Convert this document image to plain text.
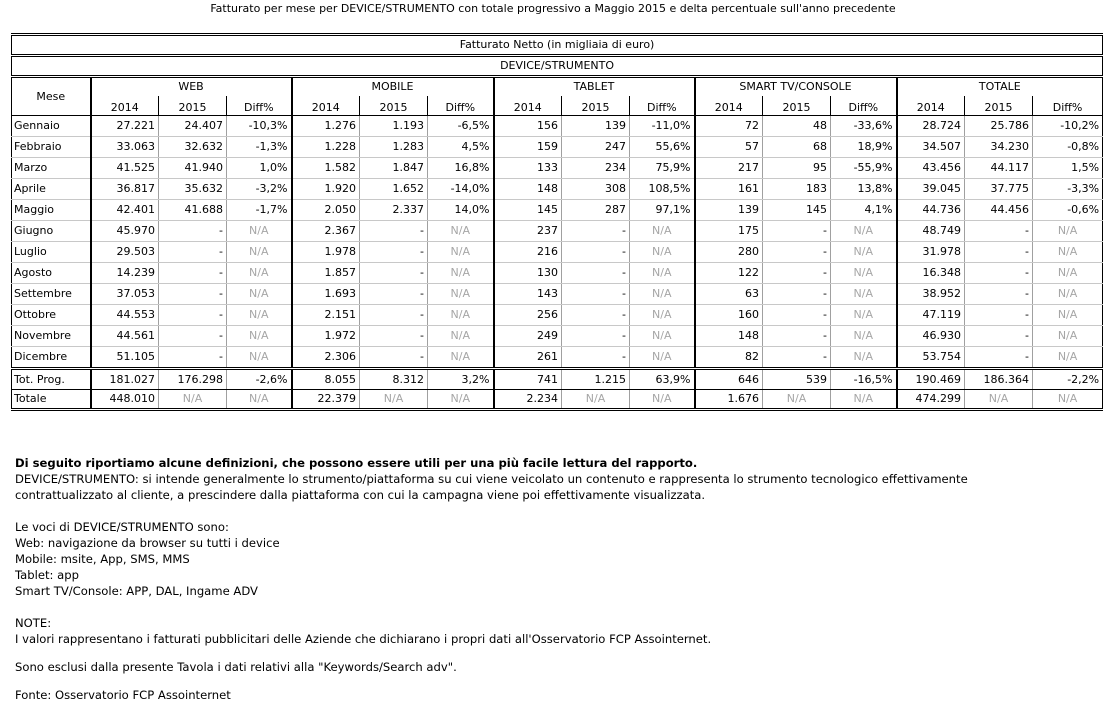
Fatturato per mese per DEVICE/STRUMENTO con totale progressivo a Maggio 2015 e delta percentuale sull'anno precedente
Fatturato Netto (in migliaia di euro)															
DEVICE/STRUMENTO															
Mese	WEB			MOBILE			TABLET			SMART TV/CONSOLE			TOTALE		
	2014	2015	Diff%	2014	2015	Diff%	2014	2015	Diff%	2014	2015	Diff%	2014	2015	Diff%
Gennaio	27.221	24.407	-10,3%	1.276	1.193	-6,5%	156	139	-11,0%	72	48	-33,6%	28.724	25.786	-10,2%
Febbraio	33.063	32.632	-1,3%	1.228	1.283	4,5%	159	247	55,6%	57	68	18,9%	34.507	34.230	-0,8%
Marzo	41.525	41.940	1,0%	1.582	1.847	16,8%	133	234	75,9%	217	95	-55,9%	43.456	44.117	1,5%
Aprile	36.817	35.632	-3,2%	1.920	1.652	-14,0%	148	308	108,5%	161	183	13,8%	39.045	37.775	-3,3%
Maggio	42.401	41.688	-1,7%	2.050	2.337	14,0%	145	287	97,1%	139	145	4,1%	44.736	44.456	-0,6%
Giugno	45.970	-	N/A	2.367	-	N/A	237	-	N/A	175	-	N/A	48.749	-	N/A
Luglio	29.503	-	N/A	1.978	-	N/A	216	-	N/A	280	-	N/A	31.978	-	N/A
Agosto	14.239	-	N/A	1.857	-	N/A	130	-	N/A	122	-	N/A	16.348	-	N/A
Settembre	37.053	-	N/A	1.693	-	N/A	143	-	N/A	63	-	N/A	38.952	-	N/A
Ottobre	44.553	-	N/A	2.151	-	N/A	256	-	N/A	160	-	N/A	47.119	-	N/A
Novembre	44.561	-	N/A	1.972	-	N/A	249	-	N/A	148	-	N/A	46.930	-	N/A
Dicembre	51.105	-	N/A	2.306	-	N/A	261	-	N/A	82	-	N/A	53.754	-	N/A
Tot. Prog.	181.027	176.298	-2,6%	8.055	8.312	3,2%	741	1.215	63,9%	646	539	-16,5%	190.469	186.364	-2,2%
Totale	448.010	N/A	N/A	22.379	N/A	N/A	2.234	N/A	N/A	1.676	N/A	N/A	474.299	N/A	N/A

Di seguito riportiamo alcune definizioni, che possono essere utili per una più facile lettura del rapporto.

DEVICE/STRUMENTO: si intende generalmente lo strumento/piattaforma su cui viene veicolato un contenuto e rappresenta lo strumento tecnologico effettivamente

contrattualizzato al cliente, a prescindere dalla piattaforma con cui la campagna viene poi effettivamente visualizzata.

Le voci di DEVICE/STRUMENTO sono:

Web: navigazione da browser su tutti i device

Mobile: msite, App, SMS, MMS

Tablet: app

Smart TV/Console: APP, DAL, Ingame ADV

NOTE:

I valori rappresentano i fatturati pubblicitari delle Aziende che dichiarano i propri dati all'Osservatorio FCP Assointernet.

Sono esclusi dalla presente Tavola i dati relativi alla "Keywords/Search adv".

Fonte: Osservatorio FCP Assointernet
